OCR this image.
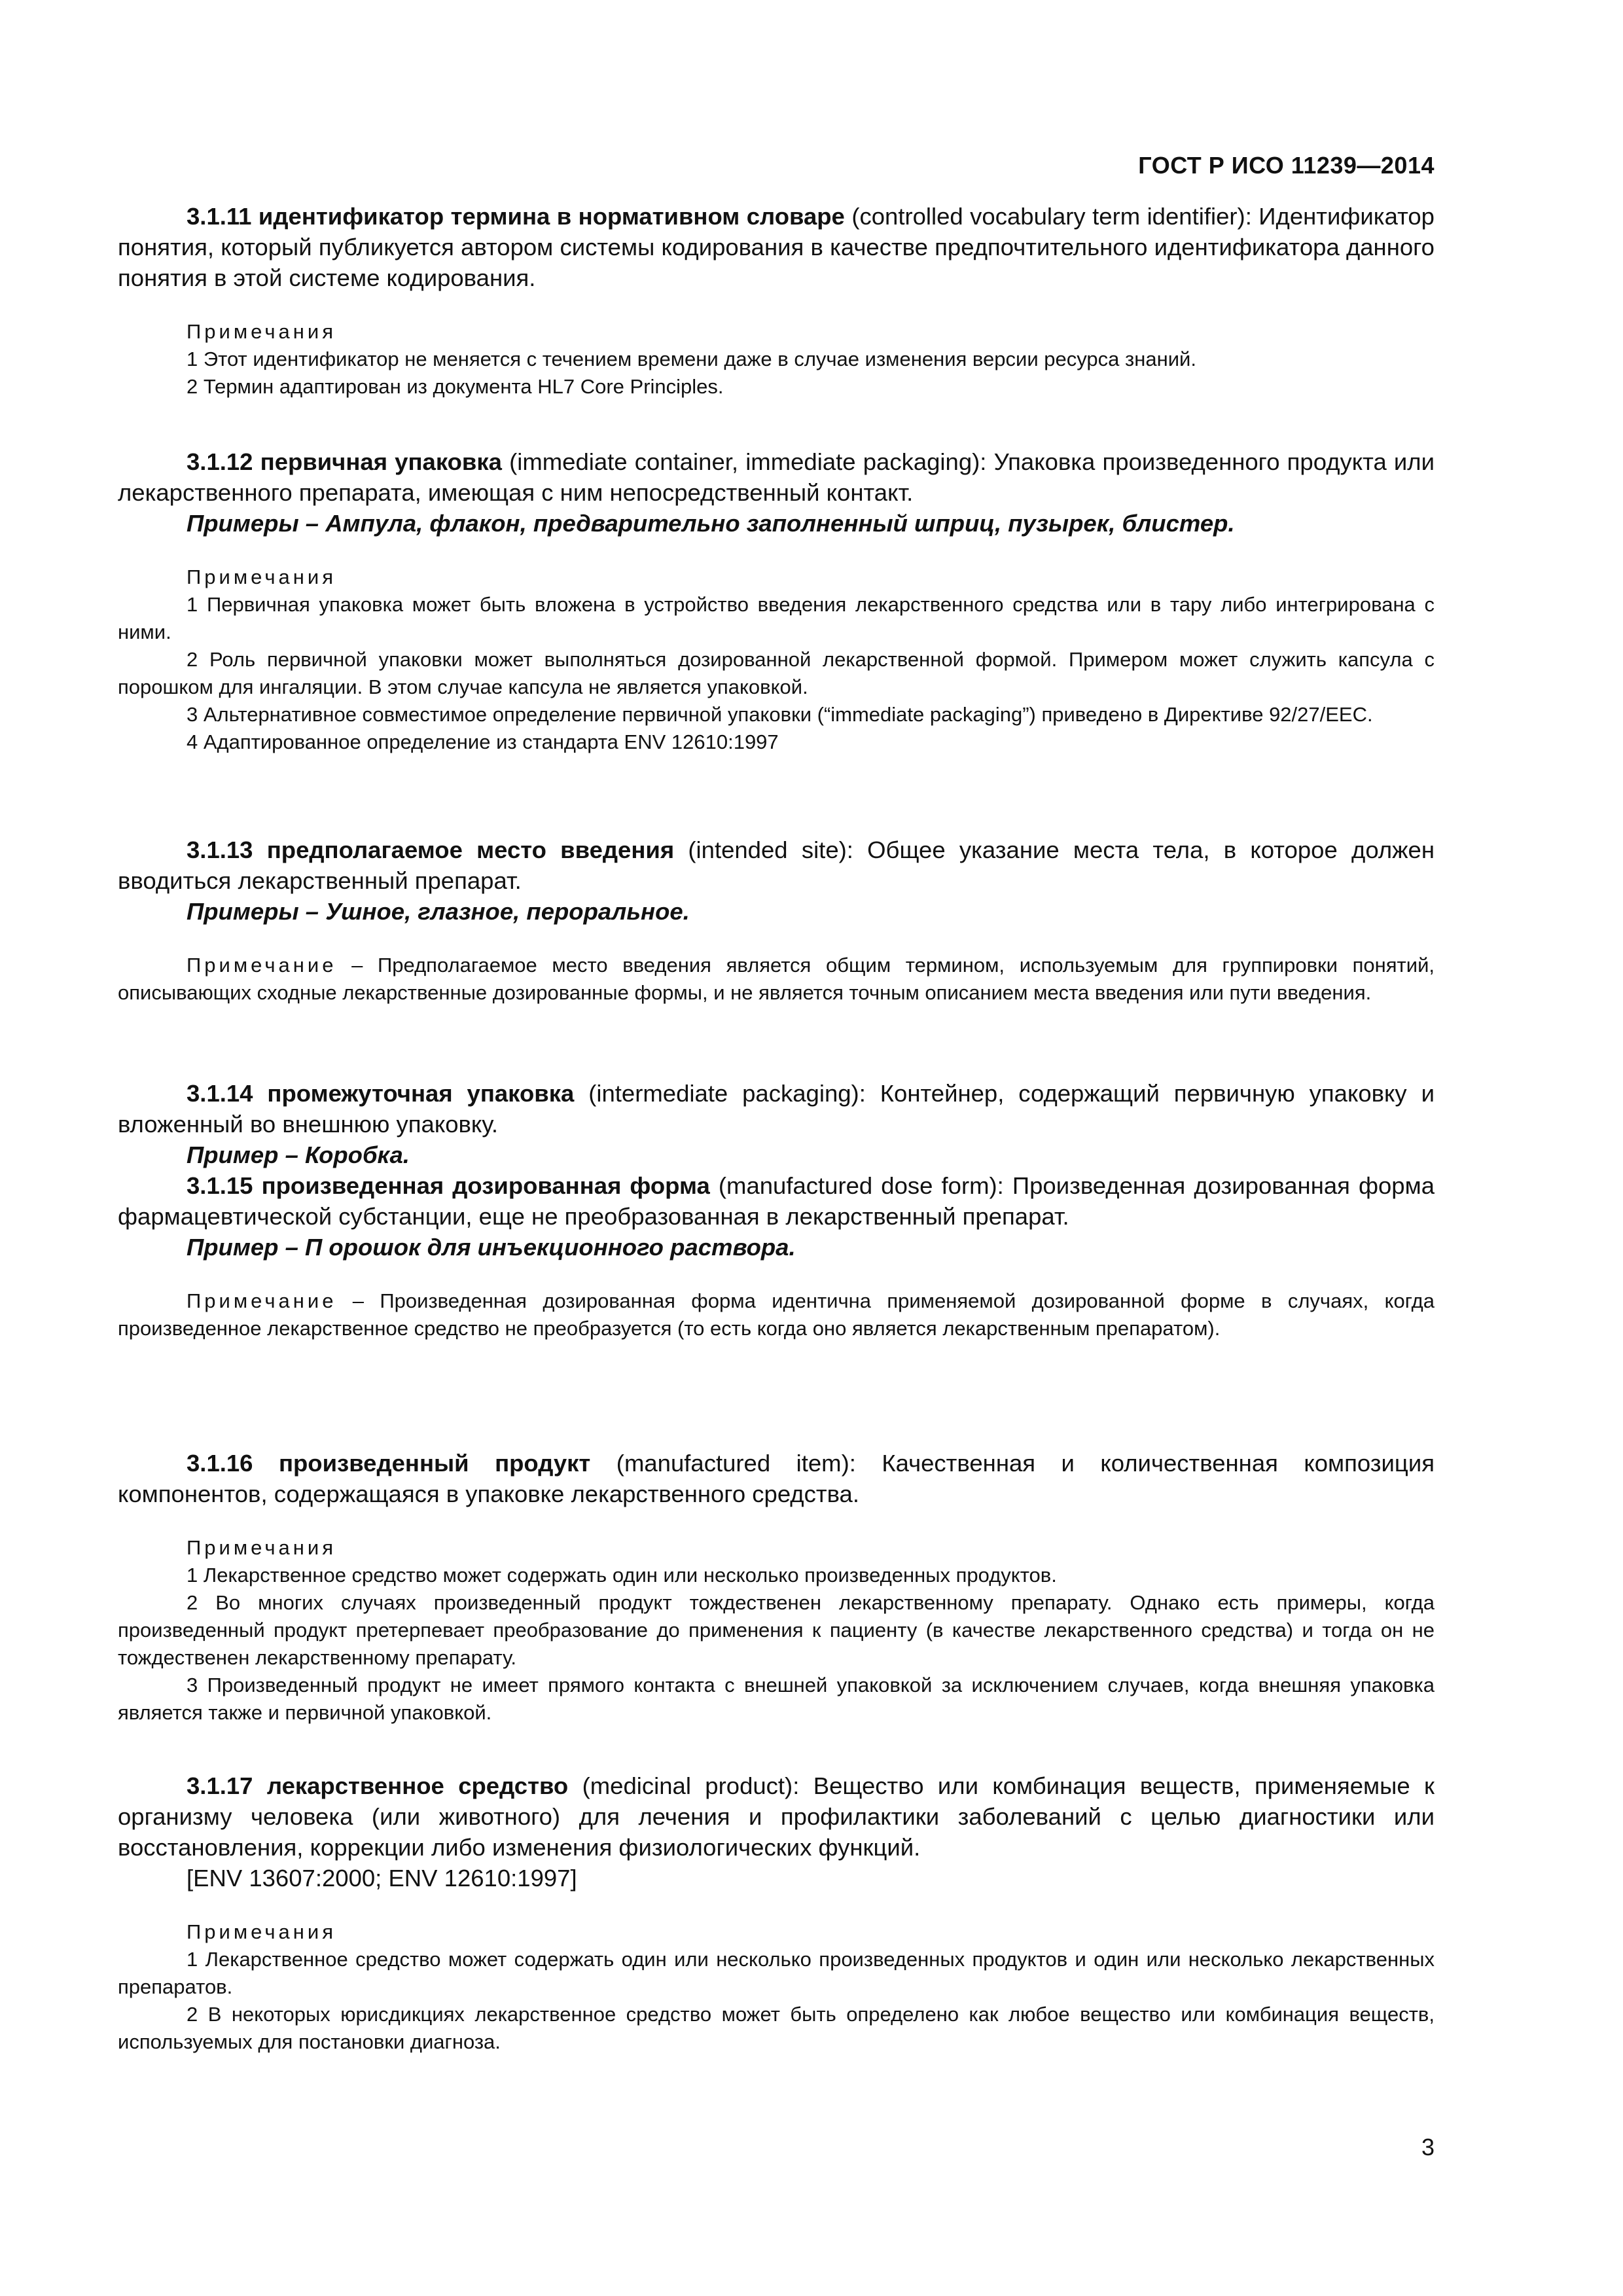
ГОСТ Р ИСО 11239—2014

3.1.11 идентификатор термина в нормативном словаре (controlled vocabulary term identifier): Идентификатор понятия, который публикуется автором системы кодирования в качестве предпочтительного идентификатора данного понятия в этой системе кодирования.

Примечания

1 Этот идентификатор не меняется с течением времени даже в случае изменения версии ресурса знаний.

2 Термин адаптирован из документа HL7 Core Principles.

3.1.12 первичная упаковка (immediate container, immediate packaging): Упаковка произведенного продукта или лекарственного препарата, имеющая с ним непосредственный контакт.

Примеры – Ампула, флакон, предварительно заполненный шприц, пузырек, блистер.

Примечания

1 Первичная упаковка может быть вложена в устройство введения лекарственного средства или в тару либо интегрирована с ними.

2 Роль первичной упаковки может выполняться дозированной лекарственной формой. Примером может служить капсула с порошком для ингаляции. В этом случае капсула не является упаковкой.

3 Альтернативное совместимое определение первичной упаковки (“immediate packaging”) приведено в Директиве 92/27/ЕЕС.

4 Адаптированное определение из стандарта ENV 12610:1997

3.1.13 предполагаемое место введения (intended site): Общее указание места тела, в которое должен вводиться лекарственный препарат.

Примеры – Ушное, глазное, пероральное.

Примечание – Предполагаемое место введения является общим термином, используемым для группировки понятий, описывающих сходные лекарственные дозированные формы, и не является точным описанием места введения или пути введения.

3.1.14 промежуточная упаковка (intermediate packaging): Контейнер, содержащий первичную упаковку и вложенный во внешнюю упаковку.

Пример – Коробка.

3.1.15 произведенная дозированная форма (manufactured dose form): Произведенная дозированная форма фармацевтической субстанции, еще не преобразованная в лекарственный препарат.

Пример – П орошок для инъекционного раствора.

Примечание – Произведенная дозированная форма идентична применяемой дозированной форме в случаях, когда произведенное лекарственное средство не преобразуется (то есть когда оно является лекарственным препаратом).

3.1.16 произведенный продукт (manufactured item): Качественная и количественная композиция компонентов, содержащаяся в упаковке лекарственного средства.

Примечания

1 Лекарственное средство может содержать один или несколько произведенных продуктов.

2 Во многих случаях произведенный продукт тождественен лекарственному препарату. Однако есть примеры, когда произведенный продукт претерпевает преобразование до применения к пациенту (в качестве лекарственного средства) и тогда он не тождественен лекарственному препарату.

3 Произведенный продукт не имеет прямого контакта с внешней упаковкой за исключением случаев, когда внешняя упаковка является также и первичной упаковкой.

3.1.17 лекарственное средство (medicinal product): Вещество или комбинация веществ, применяемые к организму человека (или животного) для лечения и профилактики заболеваний с целью диагностики или восстановления, коррекции либо изменения физиологических функций.

[ENV 13607:2000; ENV 12610:1997]

Примечания

1 Лекарственное средство может содержать один или несколько произведенных продуктов и один или несколько лекарственных препаратов.

2 В некоторых юрисдикциях лекарственное средство может быть определено как любое вещество или комбинация веществ, используемых для постановки диагноза.

3
